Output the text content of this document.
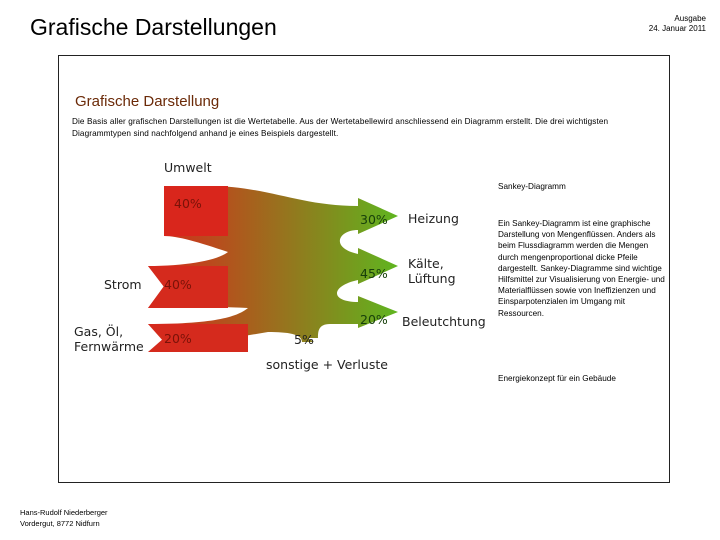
Grafische Darstellungen	Ausgabe
24. Januar 2011
Grafische Darstellung
Die Basis aller grafischen Darstellungen ist die Wertetabelle. Aus der Wertetabellewird anschliessend ein Diagramm erstellt. Die drei wichtigsten Diagrammtypen sind nachfolgend anhand je eines Beispiels dargestellt.
Umwelt
40%
Strom 40%
Gas, Öl,
Fernwärme
20%
30% Heizung
45%
Kälte,
Lüftung
20% Beleutchtung
5%
sonstige + Verluste
Sankey-Diagramm
Ein Sankey-Diagramm ist eine graphische Darstellung von Mengenflüssen. Anders als beim Flussdiagramm werden die Mengen durch mengenproportional dicke Pfeile dargestellt. Sankey-Diagramme sind wichtige Hilfsmittel zur Visualisierung von Energie- und Materialflüssen sowie von Ineffizienzen und Einsparpotenzialen im Umgang mit Ressourcen.
Energiekonzept für ein Gebäude
Hans-Rudolf Niederberger
Vordergut, 8772 Nidfurn
